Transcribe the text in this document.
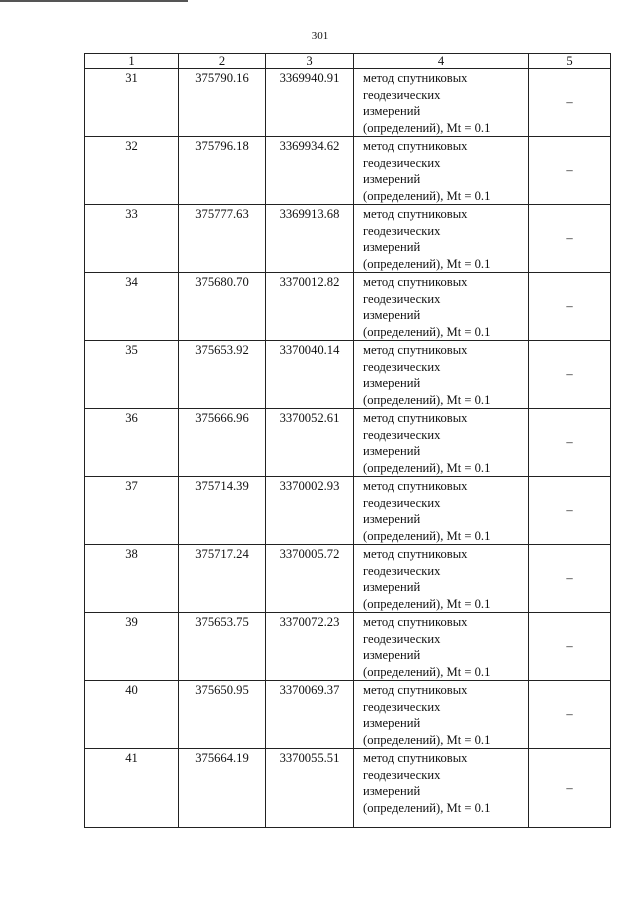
301
1	2	3	4	5

31	375790.16	3369940.91	метод спутниковых
геодезических
измерений
(определений), Mt = 0.1	–

32	375796.18	3369934.62	метод спутниковых
геодезических
измерений
(определений), Mt = 0.1	–

33	375777.63	3369913.68	метод спутниковых
геодезических
измерений
(определений), Mt = 0.1	–

34	375680.70	3370012.82	метод спутниковых
геодезических
измерений
(определений), Mt = 0.1	–

35	375653.92	3370040.14	метод спутниковых
геодезических
измерений
(определений), Mt = 0.1	–

36	375666.96	3370052.61	метод спутниковых
геодезических
измерений
(определений), Mt = 0.1	–

37	375714.39	3370002.93	метод спутниковых
геодезических
измерений
(определений), Mt = 0.1	–

38	375717.24	3370005.72	метод спутниковых
геодезических
измерений
(определений), Mt = 0.1	–

39	375653.75	3370072.23	метод спутниковых
геодезических
измерений
(определений), Mt = 0.1	–

40	375650.95	3370069.37	метод спутниковых
геодезических
измерений
(определений), Mt = 0.1	–

41	375664.19	3370055.51	метод спутниковых
геодезических
измерений
(определений), Mt = 0.1	–
